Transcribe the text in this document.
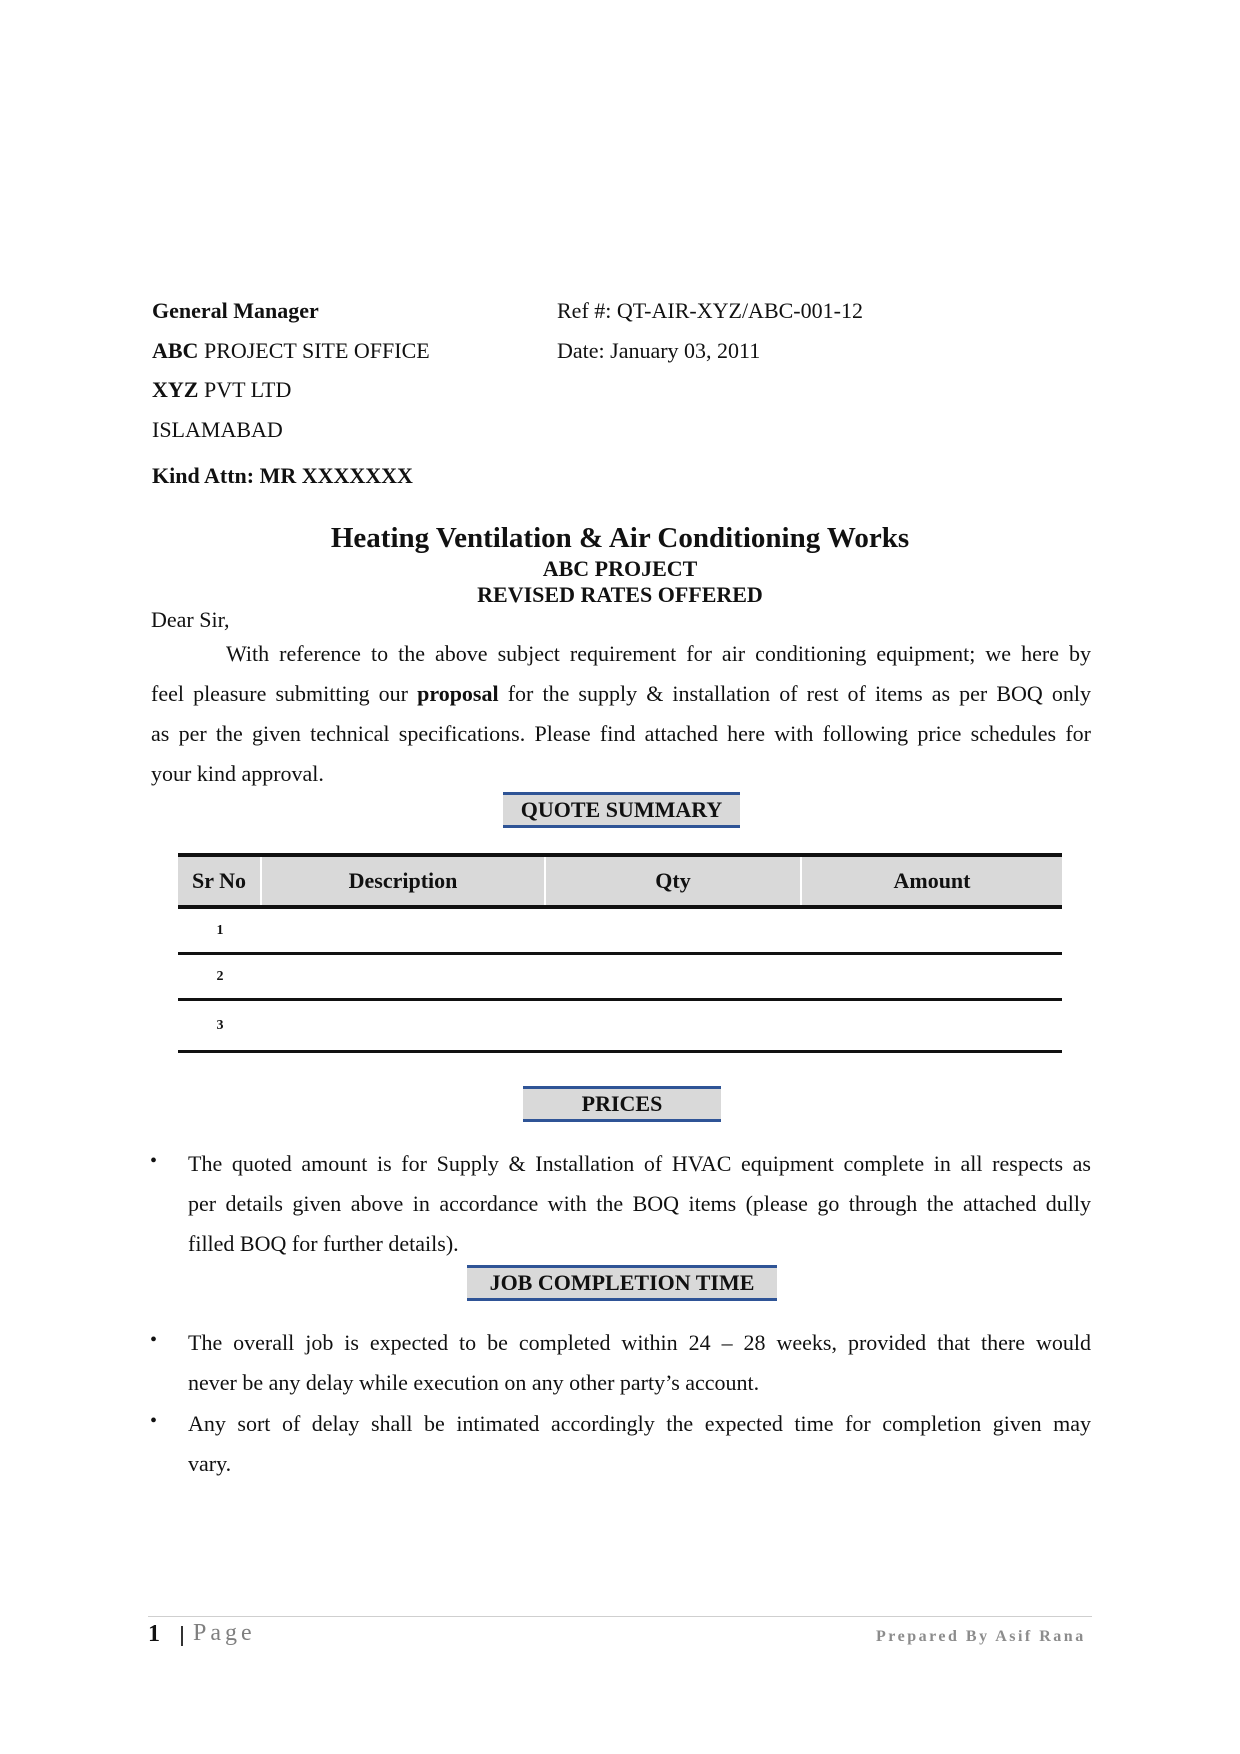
General Manager
ABC PROJECT SITE OFFICE
XYZ PVT LTD
ISLAMABAD
Kind Attn: MR XXXXXXX
Ref #: QT-AIR-XYZ/ABC-001-12
Date: January 03, 2011
Heating Ventilation & Air Conditioning Works
ABC PROJECT
REVISED RATES OFFERED
Dear Sir,
With reference to the above subject requirement for air conditioning equipment; we here by
feel pleasure submitting our proposal for the supply & installation of rest of items as per BOQ only
as per the given technical specifications. Please find attached here with following price schedules for
your kind approval.
QUOTE SUMMARY
Sr No	Description	Qty	Amount
1
2
3
PRICES
• The quoted amount is for Supply & Installation of HVAC equipment complete in all respects as
per details given above in accordance with the BOQ items (please go through the attached dully
filled BOQ for further details).
JOB COMPLETION TIME
• The overall job is expected to be completed within 24 – 28 weeks, provided that there would
never be any delay while execution on any other party’s account.
• Any sort of delay shall be intimated accordingly the expected time for completion given may
vary.
1 Page	Prepared By Asif Rana
